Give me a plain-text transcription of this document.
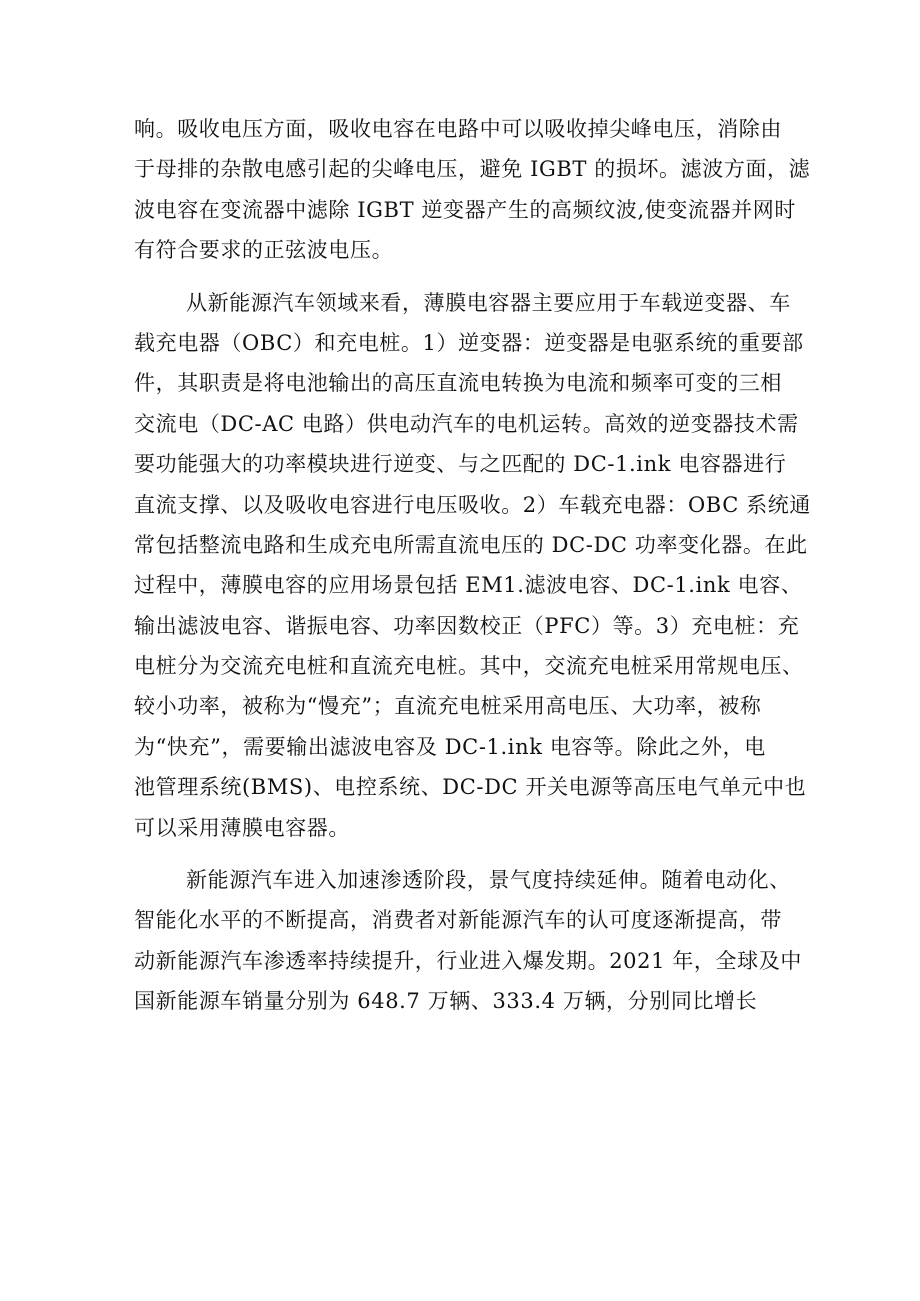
响。吸收电压方面，吸收电容在电路中可以吸收掉尖峰电压，消除由
于母排的杂散电感引起的尖峰电压，避免 IGBT 的损坏。滤波方面，滤
波电容在变流器中滤除 IGBT 逆变器产生的高频纹波,使变流器并网时
有符合要求的正弦波电压。
从新能源汽车领域来看，薄膜电容器主要应用于车载逆变器、车
载充电器（OBC）和充电桩。1）逆变器：逆变器是电驱系统的重要部
件，其职责是将电池输出的高压直流电转换为电流和频率可变的三相
交流电（DC-AC 电路）供电动汽车的电机运转。高效的逆变器技术需
要功能强大的功率模块进行逆变、与之匹配的 DC-1.ink 电容器进行
直流支撑、以及吸收电容进行电压吸收。2）车载充电器：OBC 系统通
常包括整流电路和生成充电所需直流电压的 DC-DC 功率变化器。在此
过程中，薄膜电容的应用场景包括 EM1.滤波电容、DC-1.ink 电容、
输出滤波电容、谐振电容、功率因数校正（PFC）等。3）充电桩：充
电桩分为交流充电桩和直流充电桩。其中，交流充电桩采用常规电压、
较小功率，被称为“慢充”；直流充电桩采用高电压、大功率，被称
为“快充”，需要输出滤波电容及 DC-1.ink 电容等。除此之外，电
池管理系统(BMS)、电控系统、DC-DC 开关电源等高压电气单元中也
可以采用薄膜电容器。
新能源汽车进入加速渗透阶段，景气度持续延伸。随着电动化、
智能化水平的不断提高，消费者对新能源汽车的认可度逐渐提高，带
动新能源汽车渗透率持续提升，行业进入爆发期。2021 年，全球及中
国新能源车销量分别为 648.7 万辆、333.4 万辆，分别同比增长
